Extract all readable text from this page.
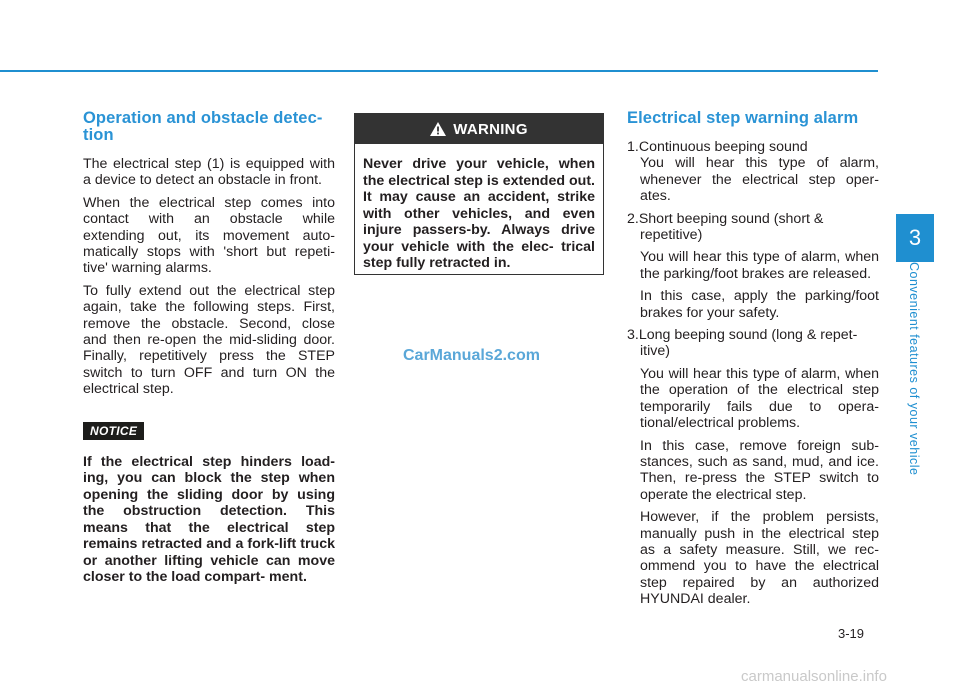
Operation and obstacle detec- tion

The electrical step (1) is equipped with a device to detect an obstacle in front.

When the electrical step comes into contact with an obstacle while extending out, its movement auto- matically stops with 'short but repeti- tive' warning alarms.

To fully extend out the electrical step again, take the following steps. First, remove the obstacle. Second, close and then re-open the mid-sliding door. Finally, repetitively press the STEP switch to turn OFF and turn ON the electrical step.

NOTICE

If the electrical step hinders load- ing, you can block the step when opening the sliding door by using the obstruction detection. This means that the electrical step remains retracted and a fork-lift truck or another lifting vehicle can move closer to the load compart- ment.

WARNING
Never drive your vehicle, when the electrical step is extended out. It may cause an accident, strike with other vehicles, and even injure passers-by. Always drive your vehicle with the elec- trical step fully retracted in.
Electrical step warning alarm
1.Continuous beeping sound
You will hear this type of alarm, whenever the electrical step oper- ates.
2.Short beeping sound (short &
repetitive)
You will hear this type of alarm, when the parking/foot brakes are released.
In this case, apply the parking/foot brakes for your safety.
3.Long beeping sound (long & repet-
itive)
You will hear this type of alarm, when the operation of the electrical step temporarily fails due to opera- tional/electrical problems.
In this case, remove foreign sub- stances, such as sand, mud, and ice. Then, re-press the STEP switch to operate the electrical step.
However, if the problem persists, manually push in the electrical step as a safety measure. Still, we rec- ommend you to have the electrical step repaired by an authorized HYUNDAI dealer.
CarManuals2.com
3
Convenient features of your vehicle
3-19
carmanualsonline.info
